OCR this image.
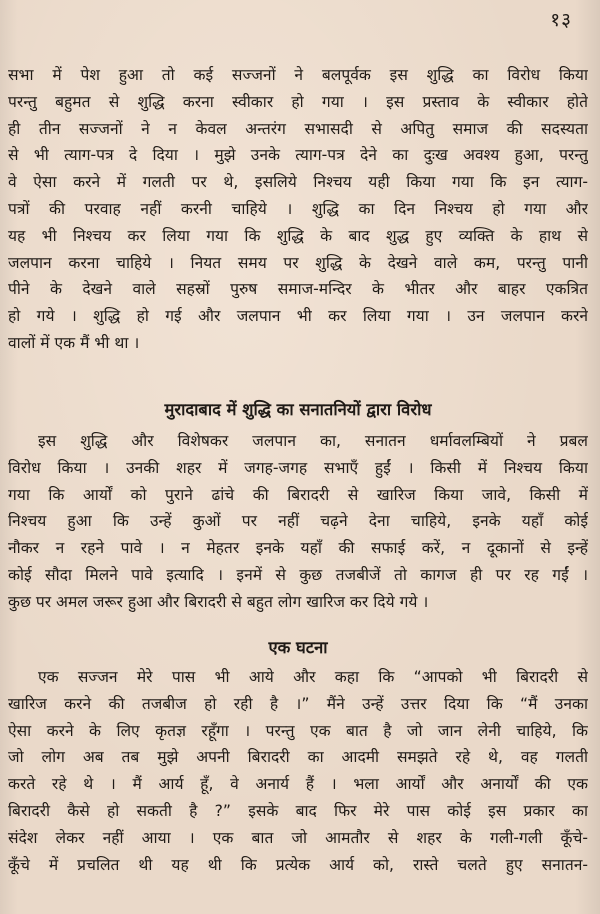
१३
सभा में पेश हुआ तो कई सज्जनों ने बलपूर्वक इस शुद्धि का विरोध किया
परन्तु बहुमत से शुद्धि करना स्वीकार हो गया । इस प्रस्ताव के स्वीकार होते
ही तीन सज्जनों ने न केवल अन्तरंग सभासदी से अपितु समाज की सदस्यता
से भी त्याग-पत्र दे दिया । मुझे उनके त्याग-पत्र देने का दुःख अवश्य हुआ, परन्तु
वे ऐसा करने में गलती पर थे, इसलिये निश्चय यही किया गया कि इन त्याग-
पत्रों की परवाह नहीं करनी चाहिये । शुद्धि का दिन निश्चय हो गया और
यह भी निश्चय कर लिया गया कि शुद्धि के बाद शुद्ध हुए व्यक्ति के हाथ से
जलपान करना चाहिये । नियत समय पर शुद्धि के देखने वाले कम, परन्तु पानी
पीने के देखने वाले सहस्रों पुरुष समाज-मन्दिर के भीतर और बाहर एकत्रित
हो गये । शुद्धि हो गई और जलपान भी कर लिया गया । उन जलपान करने
वालों में एक मैं भी था ।
मुरादाबाद में शुद्धि का सनातनियों द्वारा विरोध
इस शुद्धि और विशेषकर जलपान का, सनातन धर्मावलम्बियों ने प्रबल
विरोध किया । उनकी शहर में जगह-जगह सभाएँ हुईं । किसी में निश्चय किया
गया कि आर्यों को पुराने ढांचे की बिरादरी से खारिज किया जावे, किसी में
निश्चय हुआ कि उन्हें कुओं पर नहीं चढ़ने देना चाहिये, इनके यहाँ कोई
नौकर न रहने पावे । न मेहतर इनके यहाँ की सफाई करें, न दूकानों से इन्हें
कोई सौदा मिलने पावे इत्यादि । इनमें से कुछ तजबीजें तो कागज ही पर रह गईं ।
कुछ पर अमल जरूर हुआ और बिरादरी से बहुत लोग खारिज कर दिये गये ।
एक घटना
एक सज्जन मेरे पास भी आये और कहा कि “आपको भी बिरादरी से
खारिज करने की तजबीज हो रही है ।” मैंने उन्हें उत्तर दिया कि “मैं उनका
ऐसा करने के लिए कृतज्ञ रहूँगा । परन्तु एक बात है जो जान लेनी चाहिये, कि
जो लोग अब तब मुझे अपनी बिरादरी का आदमी समझते रहे थे, वह गलती
करते रहे थे । मैं आर्य हूँ, वे अनार्य हैं । भला आर्यों और अनार्यों की एक
बिरादरी कैसे हो सकती है ?” इसके बाद फिर मेरे पास कोई इस प्रकार का
संदेश लेकर नहीं आया । एक बात जो आमतौर से शहर के गली-गली कूँचे-
कूँचे में प्रचलित थी यह थी कि प्रत्येक आर्य को, रास्ते चलते हुए सनातन-
